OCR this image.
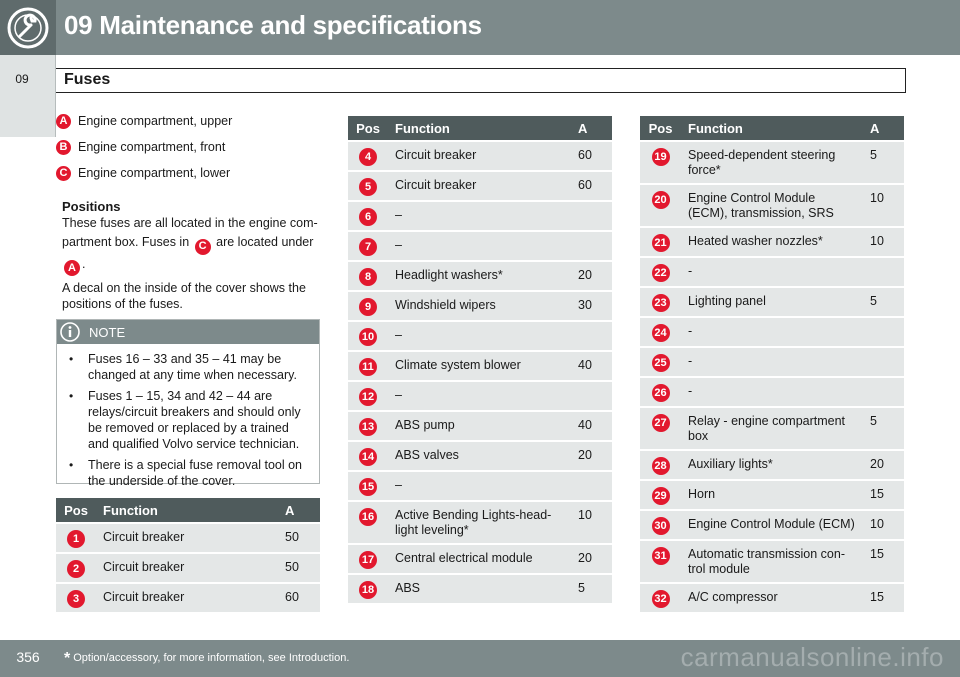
09 Maintenance and specifications
09	Fuses
A Engine compartment, upper
B Engine compartment, front
C Engine compartment, lower
Positions
These fuses are all located in the engine com-
partment box. Fuses in C are located under
A .

A decal on the inside of the cover shows the positions of the fuses.

NOTE
• Fuses 16 – 33 and 35 – 41 may be changed at any time when necessary.
• Fuses 1 – 15, 34 and 42 – 44 are relays/circuit breakers and should only be removed or replaced by a trained and qualified Volvo service technician.
• There is a special fuse removal tool on the underside of the cover.
Pos	Function	A
1	Circuit breaker	50
2	Circuit breaker	50
3	Circuit breaker	60
Pos	Function	A
4	Circuit breaker	60
5	Circuit breaker	60
6	–	
7	–	
8	Headlight washers*	20
9	Windshield wipers	30
10	–	
11	Climate system blower	40
12	–	
13	ABS pump	40
14	ABS valves	20
15	–	
16	Active Bending Lights-head-light leveling*	10
17	Central electrical module	20
18	ABS	5
Pos	Function	A
19	Speed-dependent steering force*	5
20	Engine Control Module (ECM), transmission, SRS	10
21	Heated washer nozzles*	10
22	-	
23	Lighting panel	5
24	-	
25	-	
26	-	
27	Relay - engine compartment box	5
28	Auxiliary lights*	20
29	Horn	15
30	Engine Control Module (ECM)	10
31	Automatic transmission con-trol module	15
32	A/C compressor	15
356	* Option/accessory, for more information, see Introduction.	carmanualsonline.info
